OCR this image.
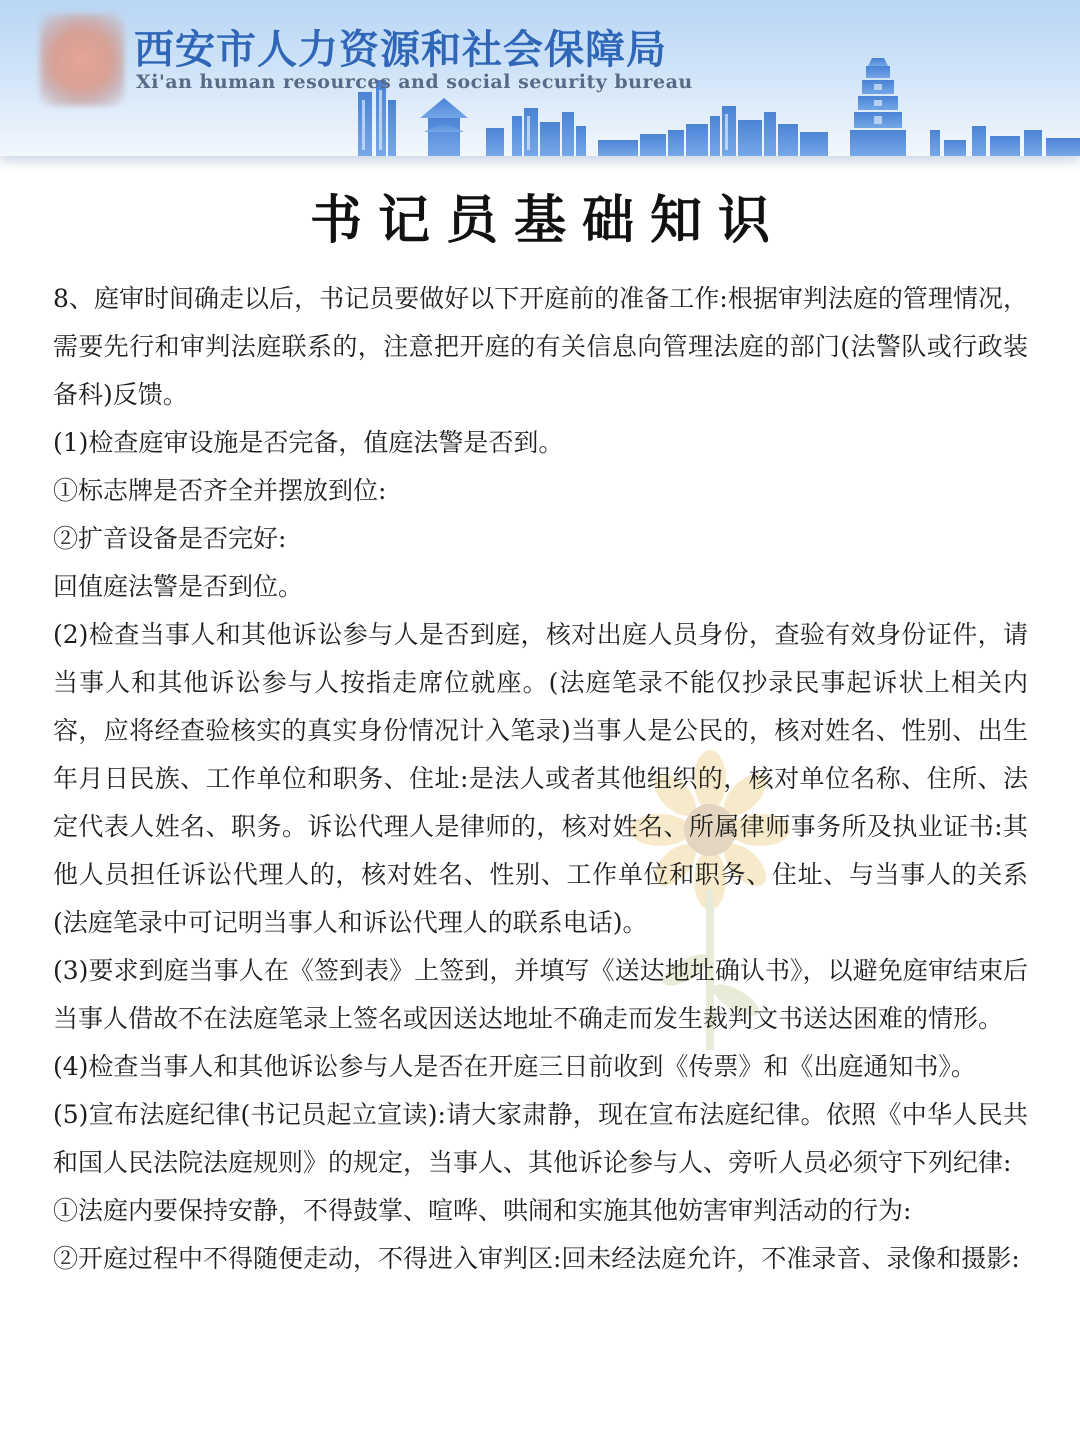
西安市人力资源和社会保障局
Xi'an human resources and social security bureau
书记员基础知识

8、庭审时间确走以后，书记员要做好以下开庭前的准备工作:根据审判法庭的管理情况，需要先行和审判法庭联系的，注意把开庭的有关信息向管理法庭的部门(法警队或行政装备科)反馈。

(1)检查庭审设施是否完备，值庭法警是否到。

①标志牌是否齐全并摆放到位:

②扩音设备是否完好:

回值庭法警是否到位。

(2)检查当事人和其他诉讼参与人是否到庭，核对出庭人员身份，查验有效身份证件，请当事人和其他诉讼参与人按指走席位就座。(法庭笔录不能仅抄录民事起诉状上相关内容，应将经查验核实的真实身份情况计入笔录)当事人是公民的，核对姓名、性别、出生年月日民族、工作单位和职务、住址:是法人或者其他组织的，核对单位名称、住所、法定代表人姓名、职务。诉讼代理人是律师的，核对姓名、所属律师事务所及执业证书:其他人员担任诉讼代理人的，核对姓名、性别、工作单位和职务、住址、与当事人的关系(法庭笔录中可记明当事人和诉讼代理人的联系电话)。

(3)要求到庭当事人在《签到表》上签到，并填写《送达地址确认书》，以避免庭审结束后当事人借故不在法庭笔录上签名或因送达地址不确走而发生裁判文书送达困难的情形。

(4)检查当事人和其他诉讼参与人是否在开庭三日前收到《传票》和《出庭通知书》。

(5)宣布法庭纪律(书记员起立宣读):请大家肃静，现在宣布法庭纪律。依照《中华人民共和国人民法院法庭规则》的规定，当事人、其他诉论参与人、旁听人员必须守下列纪律:

①法庭内要保持安静，不得鼓掌、喧哗、哄闹和实施其他妨害审判活动的行为:

②开庭过程中不得随便走动，不得进入审判区:回未经法庭允许，不准录音、录像和摄影:
